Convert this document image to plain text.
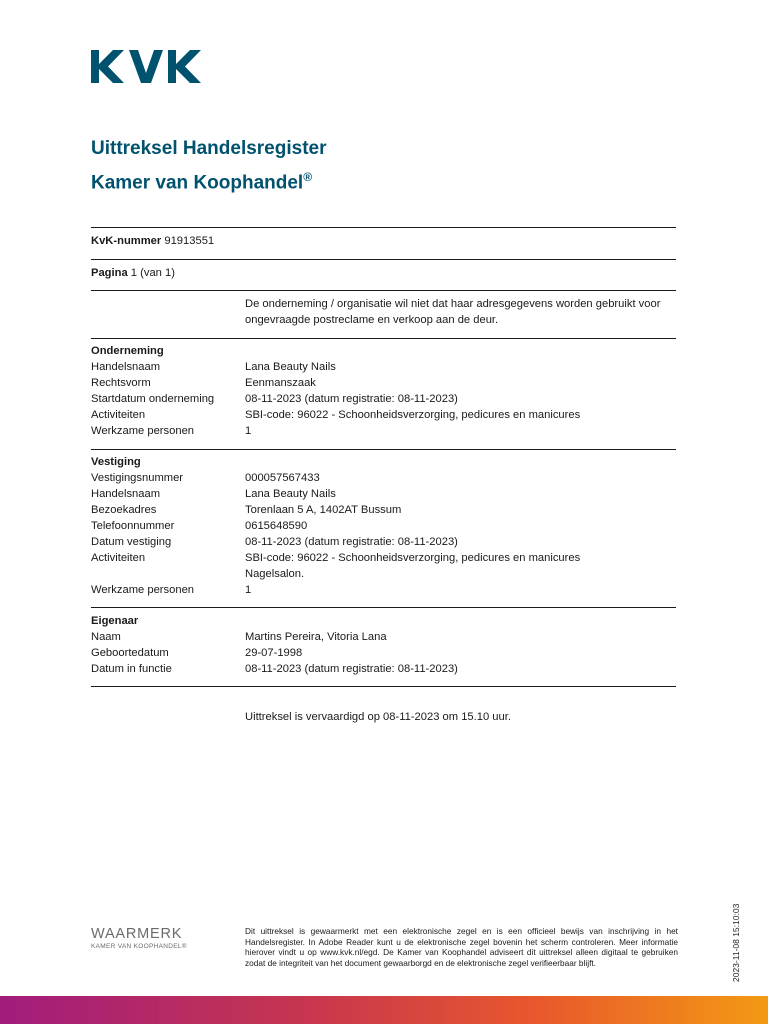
Uittreksel Handelsregister
Kamer van Koophandel®
KvK-nummer 91913551
Pagina 1 (van 1)
De onderneming / organisatie wil niet dat haar adresgegevens worden gebruikt voor ongevraagde postreclame en verkoop aan de deur.
Onderneming
Handelsnaam	Lana Beauty Nails
Rechtsvorm	Eenmanszaak
Startdatum onderneming	08-11-2023 (datum registratie: 08-11-2023)
Activiteiten	SBI-code: 96022 - Schoonheidsverzorging, pedicures en manicures
Werkzame personen	1
Vestiging
Vestigingsnummer	000057567433
Handelsnaam	Lana Beauty Nails
Bezoekadres	Torenlaan 5 A, 1402AT Bussum
Telefoonnummer	0615648590
Datum vestiging	08-11-2023 (datum registratie: 08-11-2023)
Activiteiten	SBI-code: 96022 - Schoonheidsverzorging, pedicures en manicures
Nagelsalon.
Werkzame personen	1
Eigenaar
Naam	Martins Pereira, Vitoria Lana
Geboortedatum	29-07-1998
Datum in functie	08-11-2023 (datum registratie: 08-11-2023)
Uittreksel is vervaardigd op 08-11-2023 om 15.10 uur.
WAARMERK
KAMER VAN KOOPHANDEL®
Dit uittreksel is gewaarmerkt met een elektronische zegel en is een officieel bewijs van inschrijving in het Handelsregister. In Adobe Reader kunt u de elektronische zegel bovenin het scherm controleren. Meer informatie hierover vindt u op www.kvk.nl/egd. De Kamer van Koophandel adviseert dit uittreksel alleen digitaal te gebruiken zodat de integriteit van het document gewaarborgd en de elektronische zegel verifieerbaar blijft.	2023-11-08 15:10:03
